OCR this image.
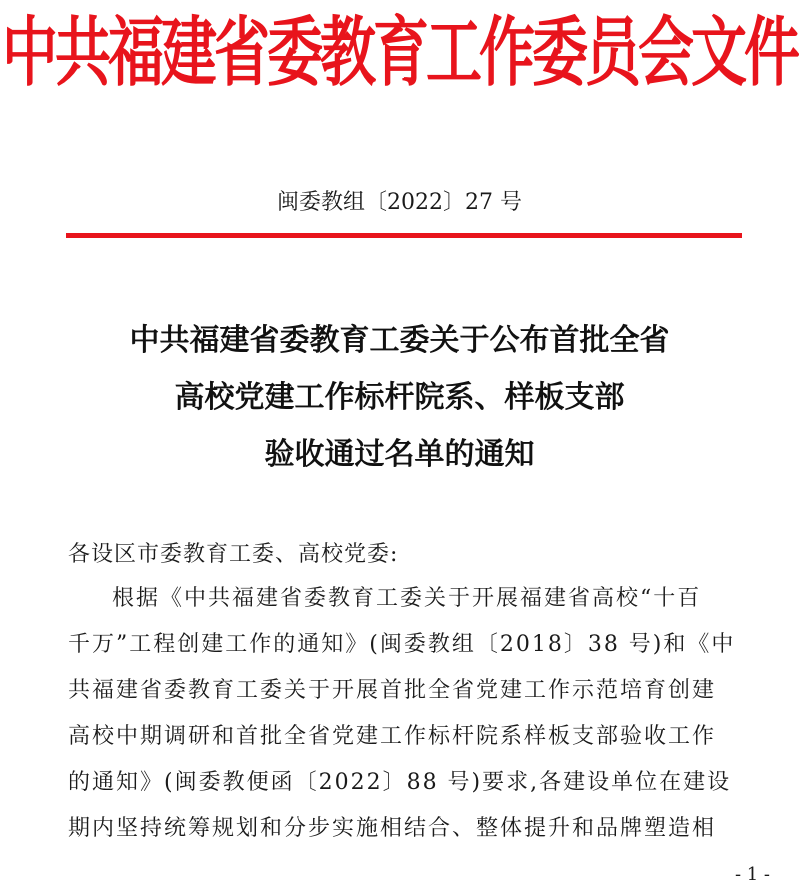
中共福建省委教育工作委员会文件
闽委教组〔2022〕27 号
中共福建省委教育工委关于公布首批全省
高校党建工作标杆院系、样板支部
验收通过名单的通知
各设区市委教育工委、高校党委:
根据《中共福建省委教育工委关于开展福建省高校“十百
千万”工程创建工作的通知》(闽委教组〔2018〕38 号)和《中
共福建省委教育工委关于开展首批全省党建工作示范培育创建
高校中期调研和首批全省党建工作标杆院系样板支部验收工作
的通知》(闽委教便函〔2022〕88 号)要求,各建设单位在建设
期内坚持统筹规划和分步实施相结合、整体提升和品牌塑造相
- 1 -
